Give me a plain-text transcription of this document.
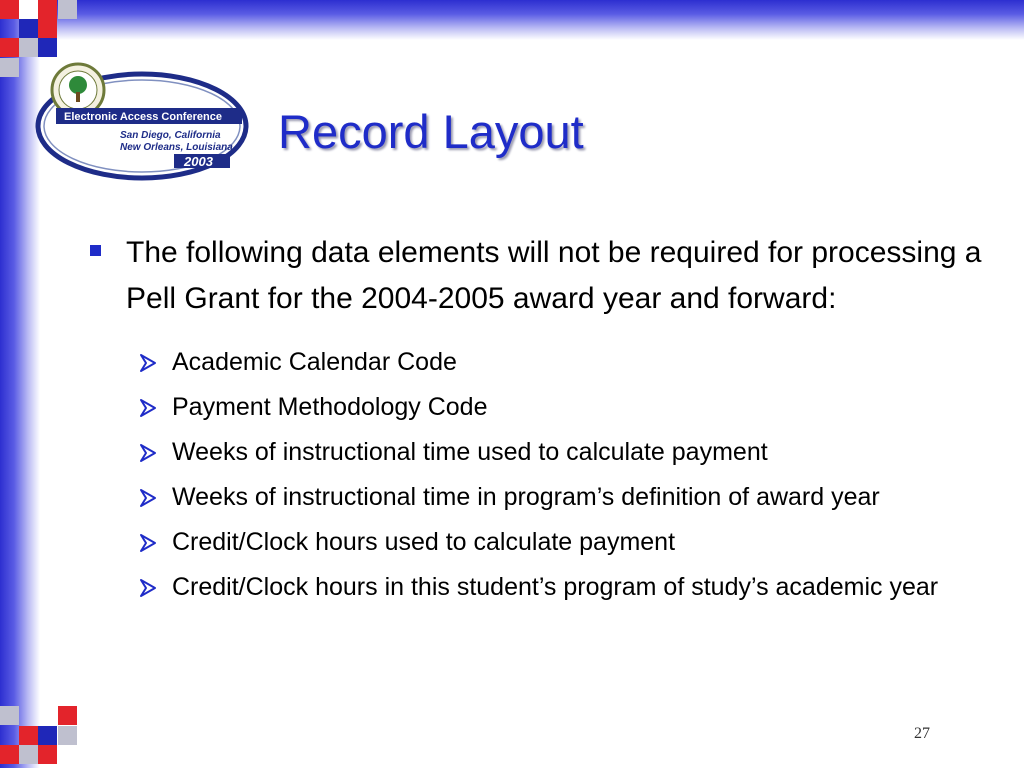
Electronic Access Conference
San Diego, California
New Orleans, Louisiana
2003
Record Layout
The following data elements will not be required for processing a Pell Grant for the 2004-2005 award year and forward:
Academic Calendar Code
Payment Methodology Code
Weeks of instructional time used to calculate payment
Weeks of instructional time in program’s definition of award year
Credit/Clock hours used to calculate payment
Credit/Clock hours in this student’s program of study’s academic year
27
